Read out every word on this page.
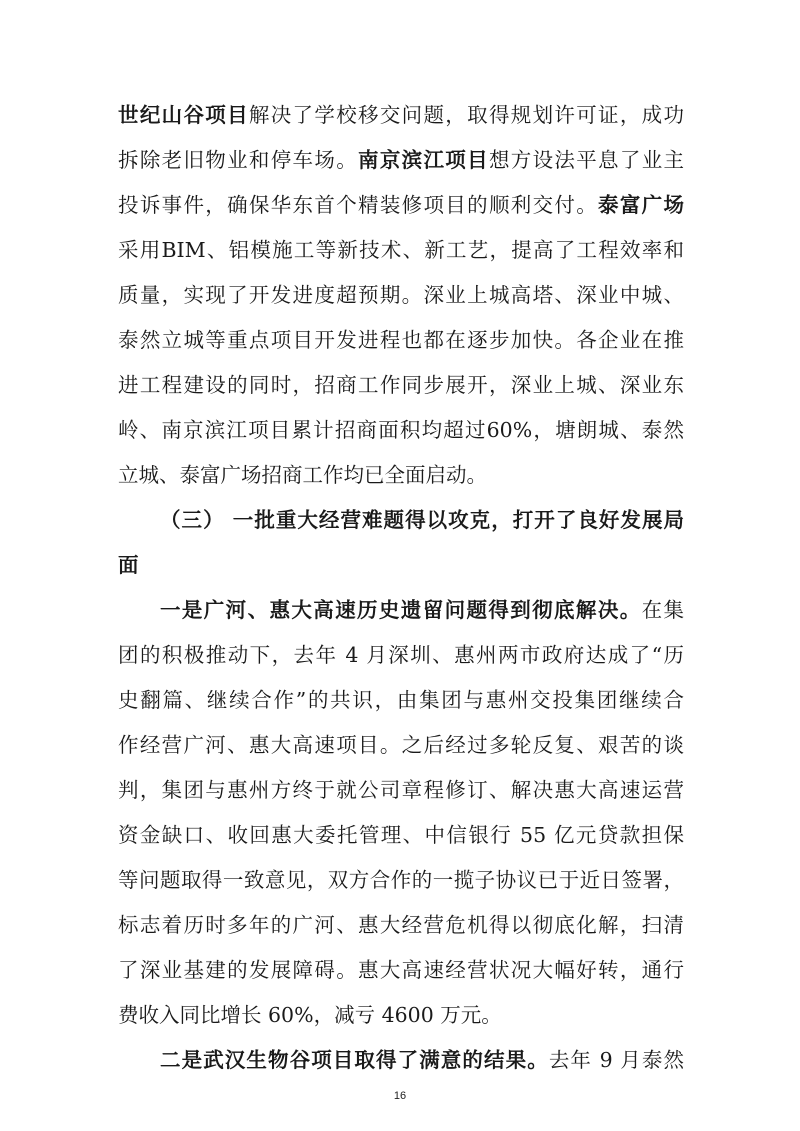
世纪山谷项目解决了学校移交问题，取得规划许可证，成功
拆除老旧物业和停车场。南京滨江项目想方设法平息了业主
投诉事件，确保华东首个精装修项目的顺利交付。泰富广场
采用BIM、铝模施工等新技术、新工艺，提高了工程效率和
质量，实现了开发进度超预期。深业上城高塔、深业中城、
泰然立城等重点项目开发进程也都在逐步加快。各企业在推
进工程建设的同时，招商工作同步展开，深业上城、深业东
岭、南京滨江项目累计招商面积均超过60%，塘朗城、泰然
立城、泰富广场招商工作均已全面启动。
（三） 一批重大经营难题得以攻克，打开了良好发展局
面
一是广河、惠大高速历史遗留问题得到彻底解决。在集
团的积极推动下，去年 4 月深圳、惠州两市政府达成了“历
史翻篇、继续合作”的共识，由集团与惠州交投集团继续合
作经营广河、惠大高速项目。之后经过多轮反复、艰苦的谈
判，集团与惠州方终于就公司章程修订、解决惠大高速运营
资金缺口、收回惠大委托管理、中信银行 55 亿元贷款担保
等问题取得一致意见，双方合作的一揽子协议已于近日签署，
标志着历时多年的广河、惠大经营危机得以彻底化解，扫清
了深业基建的发展障碍。惠大高速经营状况大幅好转，通行
费收入同比增长 60%，减亏 4600 万元。
二是武汉生物谷项目取得了满意的结果。去年 9 月泰然
16
